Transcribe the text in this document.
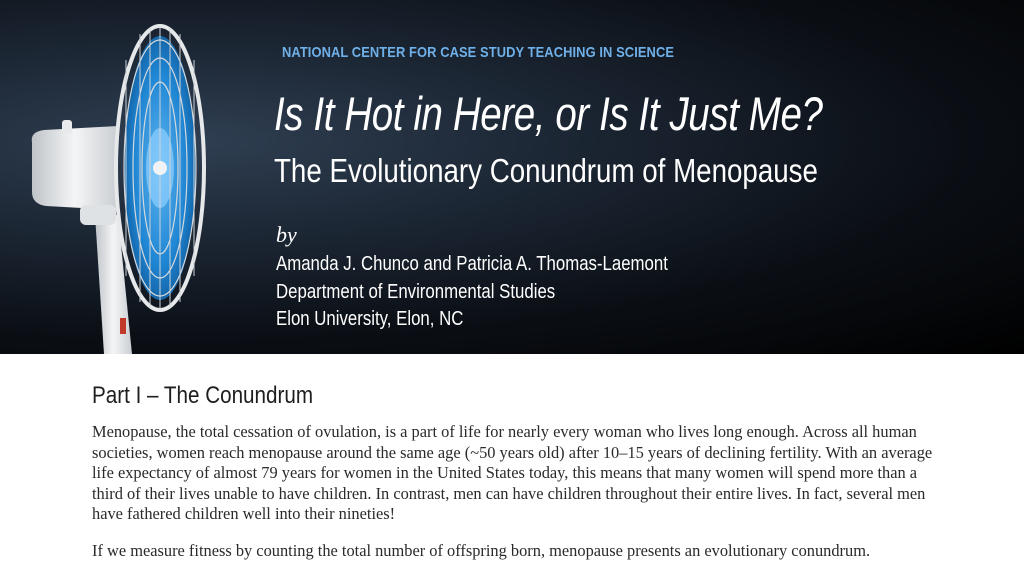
NATIONAL CENTER FOR CASE STUDY TEACHING IN SCIENCE
Is It Hot in Here, or Is It Just Me?
The Evolutionary Conundrum of Menopause
by
Amanda J. Chunco and Patricia A. Thomas-Laemont
Department of Environmental Studies
Elon University, Elon, NC
Part I – The Conundrum

Menopause, the total cessation of ovulation, is a part of life for nearly every woman who lives long enough. Across all human societies, women reach menopause around the same age (~50 years old) after 10–15 years of declining fertility. With an average life expectancy of almost 79 years for women in the United States today, this means that many women will spend more than a third of their lives unable to have children. In contrast, men can have children throughout their entire lives. In fact, several men have fathered children well into their nineties!

If we measure fitness by counting the total number of offspring born, menopause presents an evolutionary conundrum.
